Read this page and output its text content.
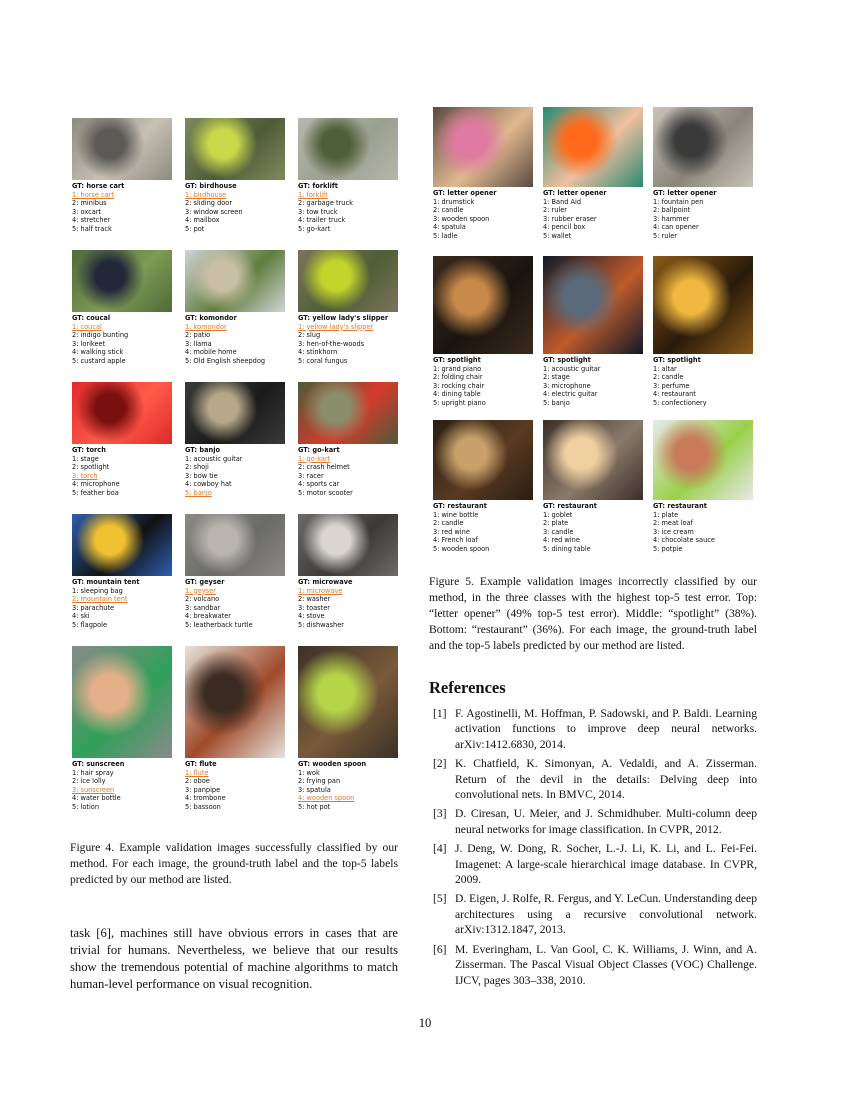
GT: horse cart
1: horse cart
2: minibus
3: oxcart
4: stretcher
5: half track
GT: birdhouse
1: birdhouse
2: sliding door
3: window screen
4: mailbox
5: pot
GT: forklift
1: forklift
2: garbage truck
3: tow truck
4: trailer truck
5: go-kart
GT: coucal
1: coucal
2: indigo bunting
3: lorikeet
4: walking stick
5: custard apple
GT: komondor
1: komondor
2: patio
3: llama
4: mobile home
5: Old English sheepdog
GT: yellow lady's slipper
1: yellow lady's slipper
2: slug
3: hen-of-the-woods
4: stinkhorn
5: coral fungus
GT: torch
1: stage
2: spotlight
3: torch
4: microphone
5: feather boa
GT: banjo
1: acoustic guitar
2: shoji
3: bow tie
4: cowboy hat
5: banjo
GT: go-kart
1: go-kart
2: crash helmet
3: racer
4: sports car
5: motor scooter
GT: mountain tent
1: sleeping bag
2: mountain tent
3: parachute
4: ski
5: flagpole
GT: geyser
1: geyser
2: volcano
3: sandbar
4: breakwater
5: leatherback turtle
GT: microwave
1: microwave
2: washer
3: toaster
4: stove
5: dishwasher
GT: sunscreen
1: hair spray
2: ice lolly
3: sunscreen
4: water bottle
5: lotion
GT: flute
1: flute
2: oboe
3: panpipe
4: trombone
5: bassoon
GT: wooden spoon
1: wok
2: frying pan
3: spatula
4: wooden spoon
5: hot pot
Figure 4. Example validation images successfully classified by our method. For each image, the ground-truth label and the top-5 labels predicted by our method are listed.
task [6], machines still have obvious errors in cases that are trivial for humans. Nevertheless, we believe that our results show the tremendous potential of machine algorithms to match human-level performance on visual recognition.
GT: letter opener
1: drumstick
2: candle
3: wooden spoon
4: spatula
5: ladle
GT: letter opener
1: Band Aid
2: ruler
3: rubber eraser
4: pencil box
5: wallet
GT: letter opener
1: fountain pen
2: ballpoint
3: hammer
4: can opener
5: ruler
GT: spotlight
1: grand piano
2: folding chair
3: rocking chair
4: dining table
5: upright piano
GT: spotlight
1: acoustic guitar
2: stage
3: microphone
4: electric guitar
5: banjo
GT: spotlight
1: altar
2: candle
3: perfume
4: restaurant
5: confectionery
GT: restaurant
1: wine bottle
2: candle
3: red wine
4: French loaf
5: wooden spoon
GT: restaurant
1: goblet
2: plate
3: candle
4: red wine
5: dining table
GT: restaurant
1: plate
2: meat loaf
3: ice cream
4: chocolate sauce
5: potpie
Figure 5. Example validation images incorrectly classified by our method, in the three classes with the highest top-5 test error. Top: “letter opener” (49% top-5 test error). Middle: “spotlight” (38%). Bottom: “restaurant” (36%). For each image, the ground-truth label and the top-5 labels predicted by our method are listed.
References
[1] F. Agostinelli, M. Hoffman, P. Sadowski, and P. Baldi. Learning activation functions to improve deep neural networks. arXiv:1412.6830, 2014.
[2] K. Chatfield, K. Simonyan, A. Vedaldi, and A. Zisserman. Return of the devil in the details: Delving deep into convolutional nets. In BMVC, 2014.
[3] D. Ciresan, U. Meier, and J. Schmidhuber. Multi-column deep neural networks for image classification. In CVPR, 2012.
[4] J. Deng, W. Dong, R. Socher, L.-J. Li, K. Li, and L. Fei-Fei. Imagenet: A large-scale hierarchical image database. In CVPR, 2009.
[5] D. Eigen, J. Rolfe, R. Fergus, and Y. LeCun. Understanding deep architectures using a recursive convolutional network. arXiv:1312.1847, 2013.
[6] M. Everingham, L. Van Gool, C. K. Williams, J. Winn, and A. Zisserman. The Pascal Visual Object Classes (VOC) Challenge. IJCV, pages 303–338, 2010.
10
